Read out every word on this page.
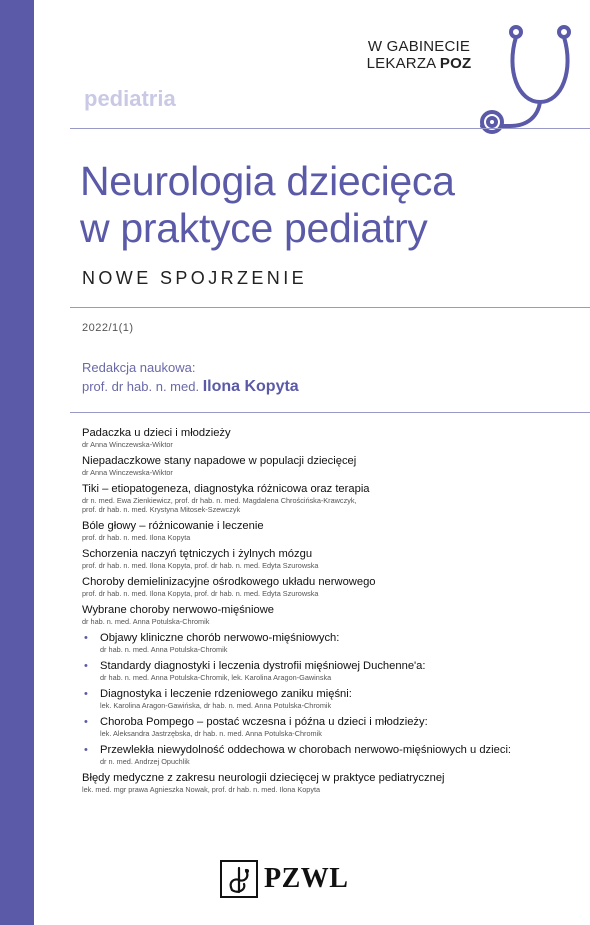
W GABINECIE
LEKARZA POZ
pediatria
Neurologia dziecięca
w praktyce pediatry
NOWE SPOJRZENIE
2022/1(1)
Redakcja naukowa:
prof. dr hab. n. med. Ilona Kopyta
Padaczka u dzieci i młodzieży
dr Anna Winczewska-Wiktor
Niepadaczkowe stany napadowe w populacji dziecięcej
dr Anna Winczewska-Wiktor
Tiki – etiopatogeneza, diagnostyka różnicowa oraz terapia
dr n. med. Ewa Zienkiewicz, prof. dr hab. n. med. Magdalena Chrościńska-Krawczyk,
prof. dr hab. n. med. Krystyna Mitosek-Szewczyk
Bóle głowy – różnicowanie i leczenie
prof. dr hab. n. med. Ilona Kopyta
Schorzenia naczyń tętniczych i żylnych mózgu
prof. dr hab. n. med. Ilona Kopyta, prof. dr hab. n. med. Edyta Szurowska
Choroby demielinizacyjne ośrodkowego układu nerwowego
prof. dr hab. n. med. Ilona Kopyta, prof. dr hab. n. med. Edyta Szurowska
Wybrane choroby nerwowo-mięśniowe
dr hab. n. med. Anna Potulska-Chromik
• Objawy kliniczne chorób nerwowo-mięśniowych:
dr hab. n. med. Anna Potulska-Chromik
• Standardy diagnostyki i leczenia dystrofii mięśniowej Duchenne'a:
dr hab. n. med. Anna Potulska-Chromik, lek. Karolina Aragon-Gawinska
• Diagnostyka i leczenie rdzeniowego zaniku mięśni:
lek. Karolina Aragon-Gawińska, dr hab. n. med. Anna Potulska-Chromik
• Choroba Pompego – postać wczesna i późna u dzieci i młodzieży:
lek. Aleksandra Jastrzębska, dr hab. n. med. Anna Potulska-Chromik
• Przewlekła niewydolność oddechowa w chorobach nerwowo-mięśniowych u dzieci:
dr n. med. Andrzej Opuchlik
Błędy medyczne z zakresu neurologii dziecięcej w praktyce pediatrycznej
lek. med. mgr prawa Agnieszka Nowak, prof. dr hab. n. med. Ilona Kopyta
PZWL
